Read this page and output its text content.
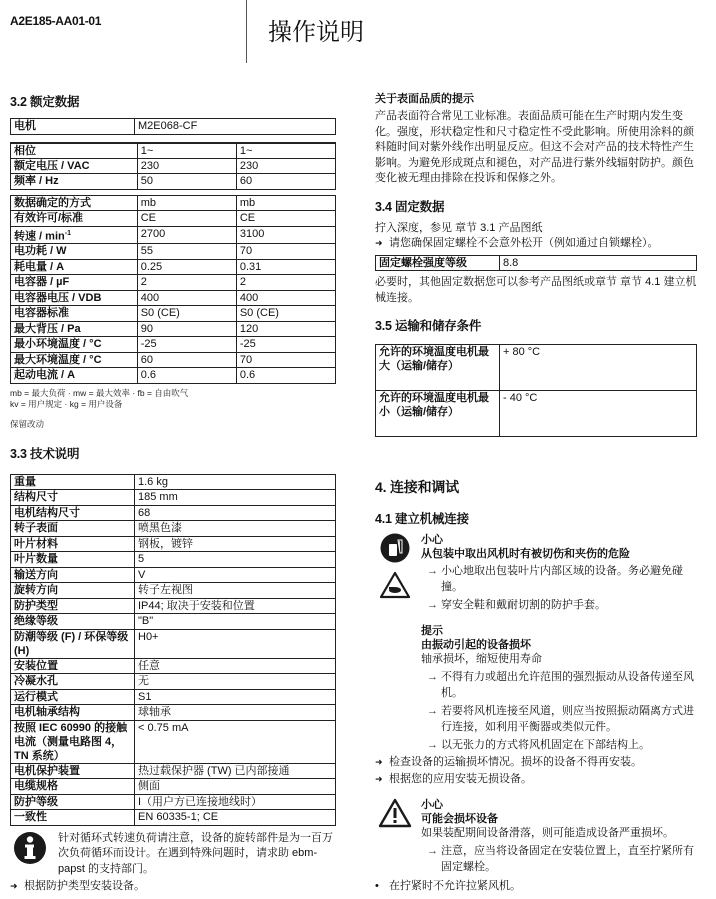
A2E185-AA01-01	操作说明
3.2 额定数据
电机	M2E068-CF
相位	1~	1~
额定电压 / VAC	230	230
频率 / Hz	50	60
数据确定的方式	mb	mb
有效许可/标准	CE	CE
转速 / $\min^{-1}$	2700	3100
电功耗 / W	55	70
耗电量 / A	0.25	0.31
电容器 / µF	2	2
电容器电压 / VDB	400	400
电容器标准	S0 (CE)	S0 (CE)
最大背压 / Pa	90	120
最小环境温度 / °C	-25	-25
最大环境温度 / °C	60	70
起动电流 / A	0.6	0.6
mb = 最大负荷 · mw = 最大效率 · fb = 自由吹气
kv = 用户规定 · kg = 用户设备
保留改动
3.3 技术说明
重量	1.6 kg
结构尺寸	185 mm
电机结构尺寸	68
转子表面	喷黑色漆
叶片材料	钢板，镀锌
叶片数量	5
输送方向	V
旋转方向	转子左视图
防护类型	IP44; 取决于安装和位置
绝缘等级	"B"
防潮等级 (F) / 环保等级 (H)	H0+
安装位置	任意
冷凝水孔	无
运行模式	S1
电机轴承结构	球轴承
按照 IEC 60990 的接触电流（测量电路图 4，TN 系统）	< 0.75 mA
电机保护装置	热过载保护器 (TW) 已内部接通
电缆规格	侧面
防护等级	I（用户方已连接地线时）
一致性	EN 60335-1; CE

针对循环式转速负荷请注意，设备的旋转部件是为一百万次负荷循环而设计。在遇到特殊问题时，请求助 ebm-papst 的支持部门。

➜ 根据防护类型安装设备。
关于表面品质的提示

产品表面符合常见工业标准。表面品质可能在生产时期内发生变化。强度，形状稳定性和尺寸稳定性不受此影响。所使用涂料的颜料随时间对紫外线作出明显反应。但这不会对产品的技术特性产生影响。为避免形成斑点和褪色，对产品进行紫外线辐射防护。颜色变化被无理由排除在投诉和保修之外。

3.4 固定数据

拧入深度，参见 章节 3.1 产品图纸

➜ 请您确保固定螺栓不会意外松开（例如通过自锁螺栓）。
固定螺栓强度等级	8.8

必要时，其他固定数据您可以参考产品图纸或章节 章节 4.1 建立机械连接。

3.5 运输和储存条件
允许的环境温度电机最大（运输/储存）	+ 80 °C
允许的环境温度电机最小（运输/储存）	- 40 °C
4. 连接和调试
4.1 建立机械连接
小心
从包装中取出风机时有被切伤和夹伤的危险
→ 小心地取出包装叶片内部区域的设备。务必避免碰撞。
→ 穿安全鞋和戴耐切割的防护手套。
提示
由振动引起的设备损坏

轴承损坏，缩短使用寿命

→ 不得有力或超出允许范围的强烈振动从设备传递至风机。
→ 若要将风机连接至风道，则应当按照振动隔离方式进行连接，如利用平衡器或类似元件。
→ 以无张力的方式将风机固定在下部结构上。
➜ 检查设备的运输损坏情况。损坏的设备不得再安装。
➜ 根据您的应用安装无损设备。
小心
可能会损坏设备

如果装配期间设备滑落，则可能造成设备严重损坏。

→ 注意，应当将设备固定在安装位置上，直至拧紧所有固定螺栓。
• 在拧紧时不允许拉紧风机。
